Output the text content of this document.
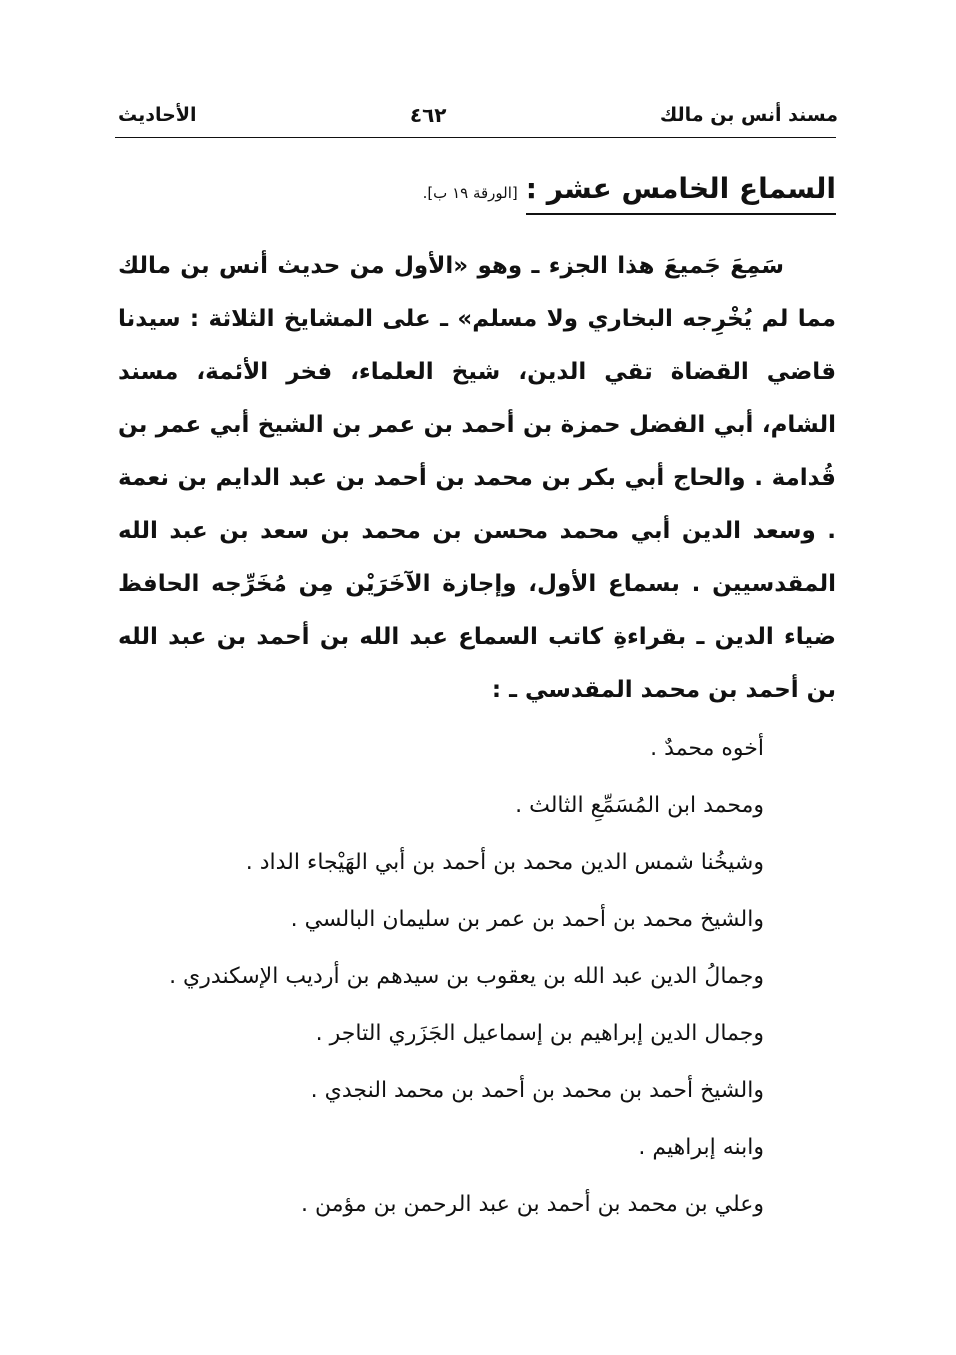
مسند أنس بن مالك
٤٦٢
الأحاديث
السماع الخامس عشر :
[الورقة ١٩ ب].

سَمِعَ جَميعَ هذا الجزء ـ وهو «الأول من حديث أنس بن مالك مما لم يُخْرِجه البخاري ولا مسلم» ـ على المشايخ الثلاثة : سيدنا قاضي القضاة تقي الدين، شيخ العلماء، فخر الأئمة، مسند الشام، أبي الفضل حمزة بن أحمد بن عمر بن الشيخ أبي عمر بن قُدامة . والحاج أبي بكر بن محمد بن أحمد بن عبد الدايم بن نعمة . وسعد الدين أبي محمد محسن بن محمد بن سعد بن عبد الله المقدسيين . بسماع الأول، وإجازة الآخَرَيْن مِن مُخَرِّجه الحافظ ضياء الدين ـ بقراءةِ كاتب السماع عبد الله بن أحمد بن عبد الله بن أحمد بن محمد المقدسي ـ :

أخوه محمدٌ .
ومحمد ابن المُسَمِّعِ الثالث .
وشيخُنا شمس الدين محمد بن أحمد بن أبي الهَيْجاء الداد .
والشيخ محمد بن أحمد بن عمر بن سليمان البالسي .
وجمالُ الدين عبد الله بن يعقوب بن سيدهم بن أرديب الإسكندري .
وجمال الدين إبراهيم بن إسماعيل الجَزَري التاجر .
والشيخ أحمد بن محمد بن أحمد بن محمد النجدي .
وابنه إبراهيم .
وعلي بن محمد بن أحمد بن عبد الرحمن بن مؤمن .
